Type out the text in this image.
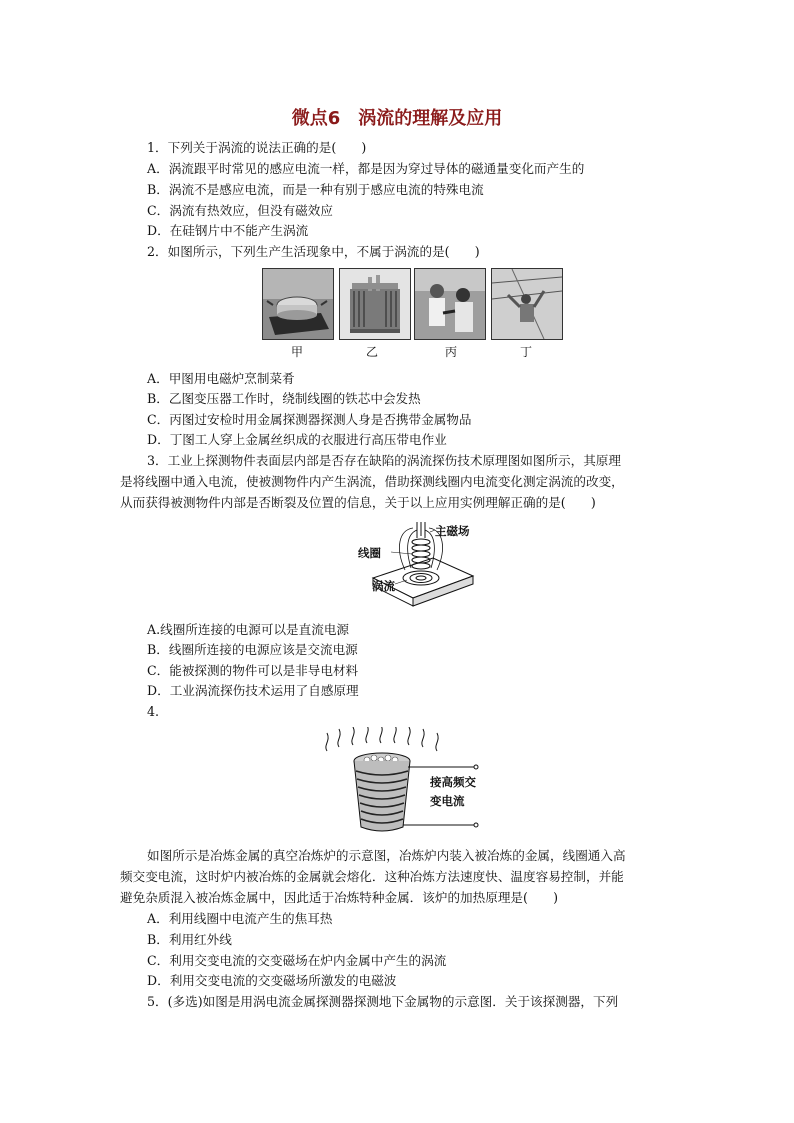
微点6　涡流的理解及应用
1．下列关于涡流的说法正确的是(　　)
A．涡流跟平时常见的感应电流一样，都是因为穿过导体的磁通量变化而产生的
B．涡流不是感应电流，而是一种有别于感应电流的特殊电流
C．涡流有热效应，但没有磁效应
D．在硅钢片中不能产生涡流
2．如图所示，下列生产生活现象中，不属于涡流的是(　　)
甲	乙	丙	丁
A．甲图用电磁炉烹制菜肴
B．乙图变压器工作时，绕制线圈的铁芯中会发热
C．丙图过安检时用金属探测器探测人身是否携带金属物品
D．丁图工人穿上金属丝织成的衣服进行高压带电作业
3．工业上探测物件表面层内部是否存在缺陷的涡流探伤技术原理图如图所示，其原理
是将线圈中通入电流，使被测物件内产生涡流，借助探测线圈内电流变化测定涡流的改变，
从而获得被测物件内部是否断裂及位置的信息，关于以上应用实例理解正确的是(　　)
主磁场
线圈
涡流
A.线圈所连接的电源可以是直流电源
B．线圈所连接的电源应该是交流电源
C．能被探测的物件可以是非导电材料
D．工业涡流探伤技术运用了自感原理
4.
接高频交
变电流
如图所示是冶炼金属的真空冶炼炉的示意图，冶炼炉内装入被冶炼的金属，线圈通入高
频交变电流，这时炉内被冶炼的金属就会熔化．这种冶炼方法速度快、温度容易控制，并能
避免杂质混入被冶炼金属中，因此适于冶炼特种金属．该炉的加热原理是(　　)
A．利用线圈中电流产生的焦耳热
B．利用红外线
C．利用交变电流的交变磁场在炉内金属中产生的涡流
D．利用交变电流的交变磁场所激发的电磁波
5．(多选)如图是用涡电流金属探测器探测地下金属物的示意图．关于该探测器，下列
